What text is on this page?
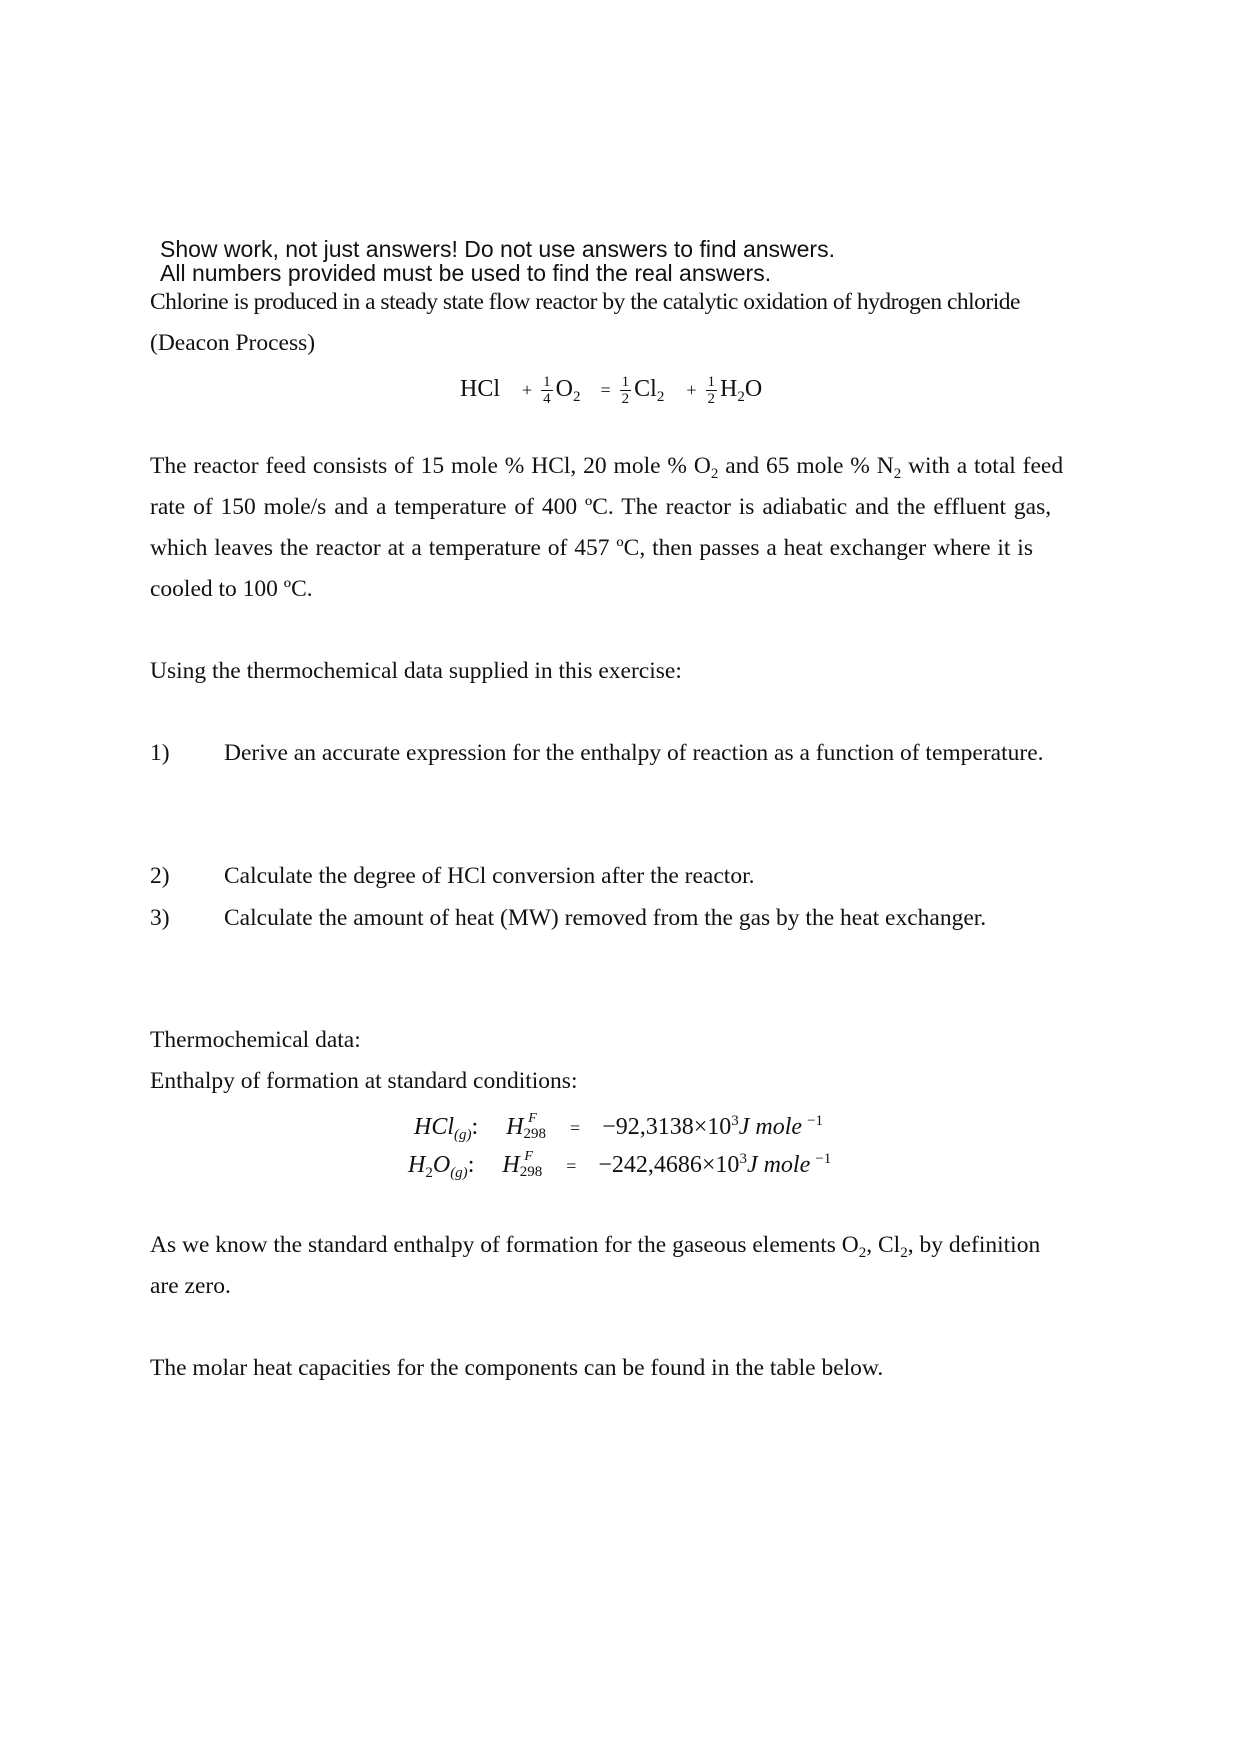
Show work, not just answers! Do not use answers to find answers.
All numbers provided must be used to find the real answers.
Chlorine is produced in a steady state flow reactor by the catalytic oxidation of hydrogen chloride
(Deacon Process)
HCl + $\frac{1}{4} O_2 = \frac{1}{2} Cl_2 + \frac{1}{2} H_2O$
The reactor feed consists of 15 mole % HCl, 20 mole % $O_2$ and 65 mole % $N_2$ with a total feed
rate of 150 mole/s and a temperature of 400 ºC. The reactor is adiabatic and the effluent gas,
which leaves the reactor at a temperature of 457 ºC, then passes a heat exchanger where it is
cooled to 100 ºC.
Using the thermochemical data supplied in this exercise:
1) Derive an accurate expression for the enthalpy of reaction as a function of temperature.
2) Calculate the degree of HCl conversion after the reactor.
3) Calculate the amount of heat (MW) removed from the gas by the heat exchanger.
Thermochemical data:
Enthalpy of formation at standard conditions:
HCl$_{(g)}$: H F
$298 = -92,3138\times 10^3J$ mole $^{-1}$
$H_2O_{(g)}$: H F
$298 = -242,4686\times 10^3J$ mole $^{-1}$
As we know the standard enthalpy of formation for the gaseous elements $O_2$, $Cl_2$, by definition
are zero.
The molar heat capacities for the components can be found in the table below.
